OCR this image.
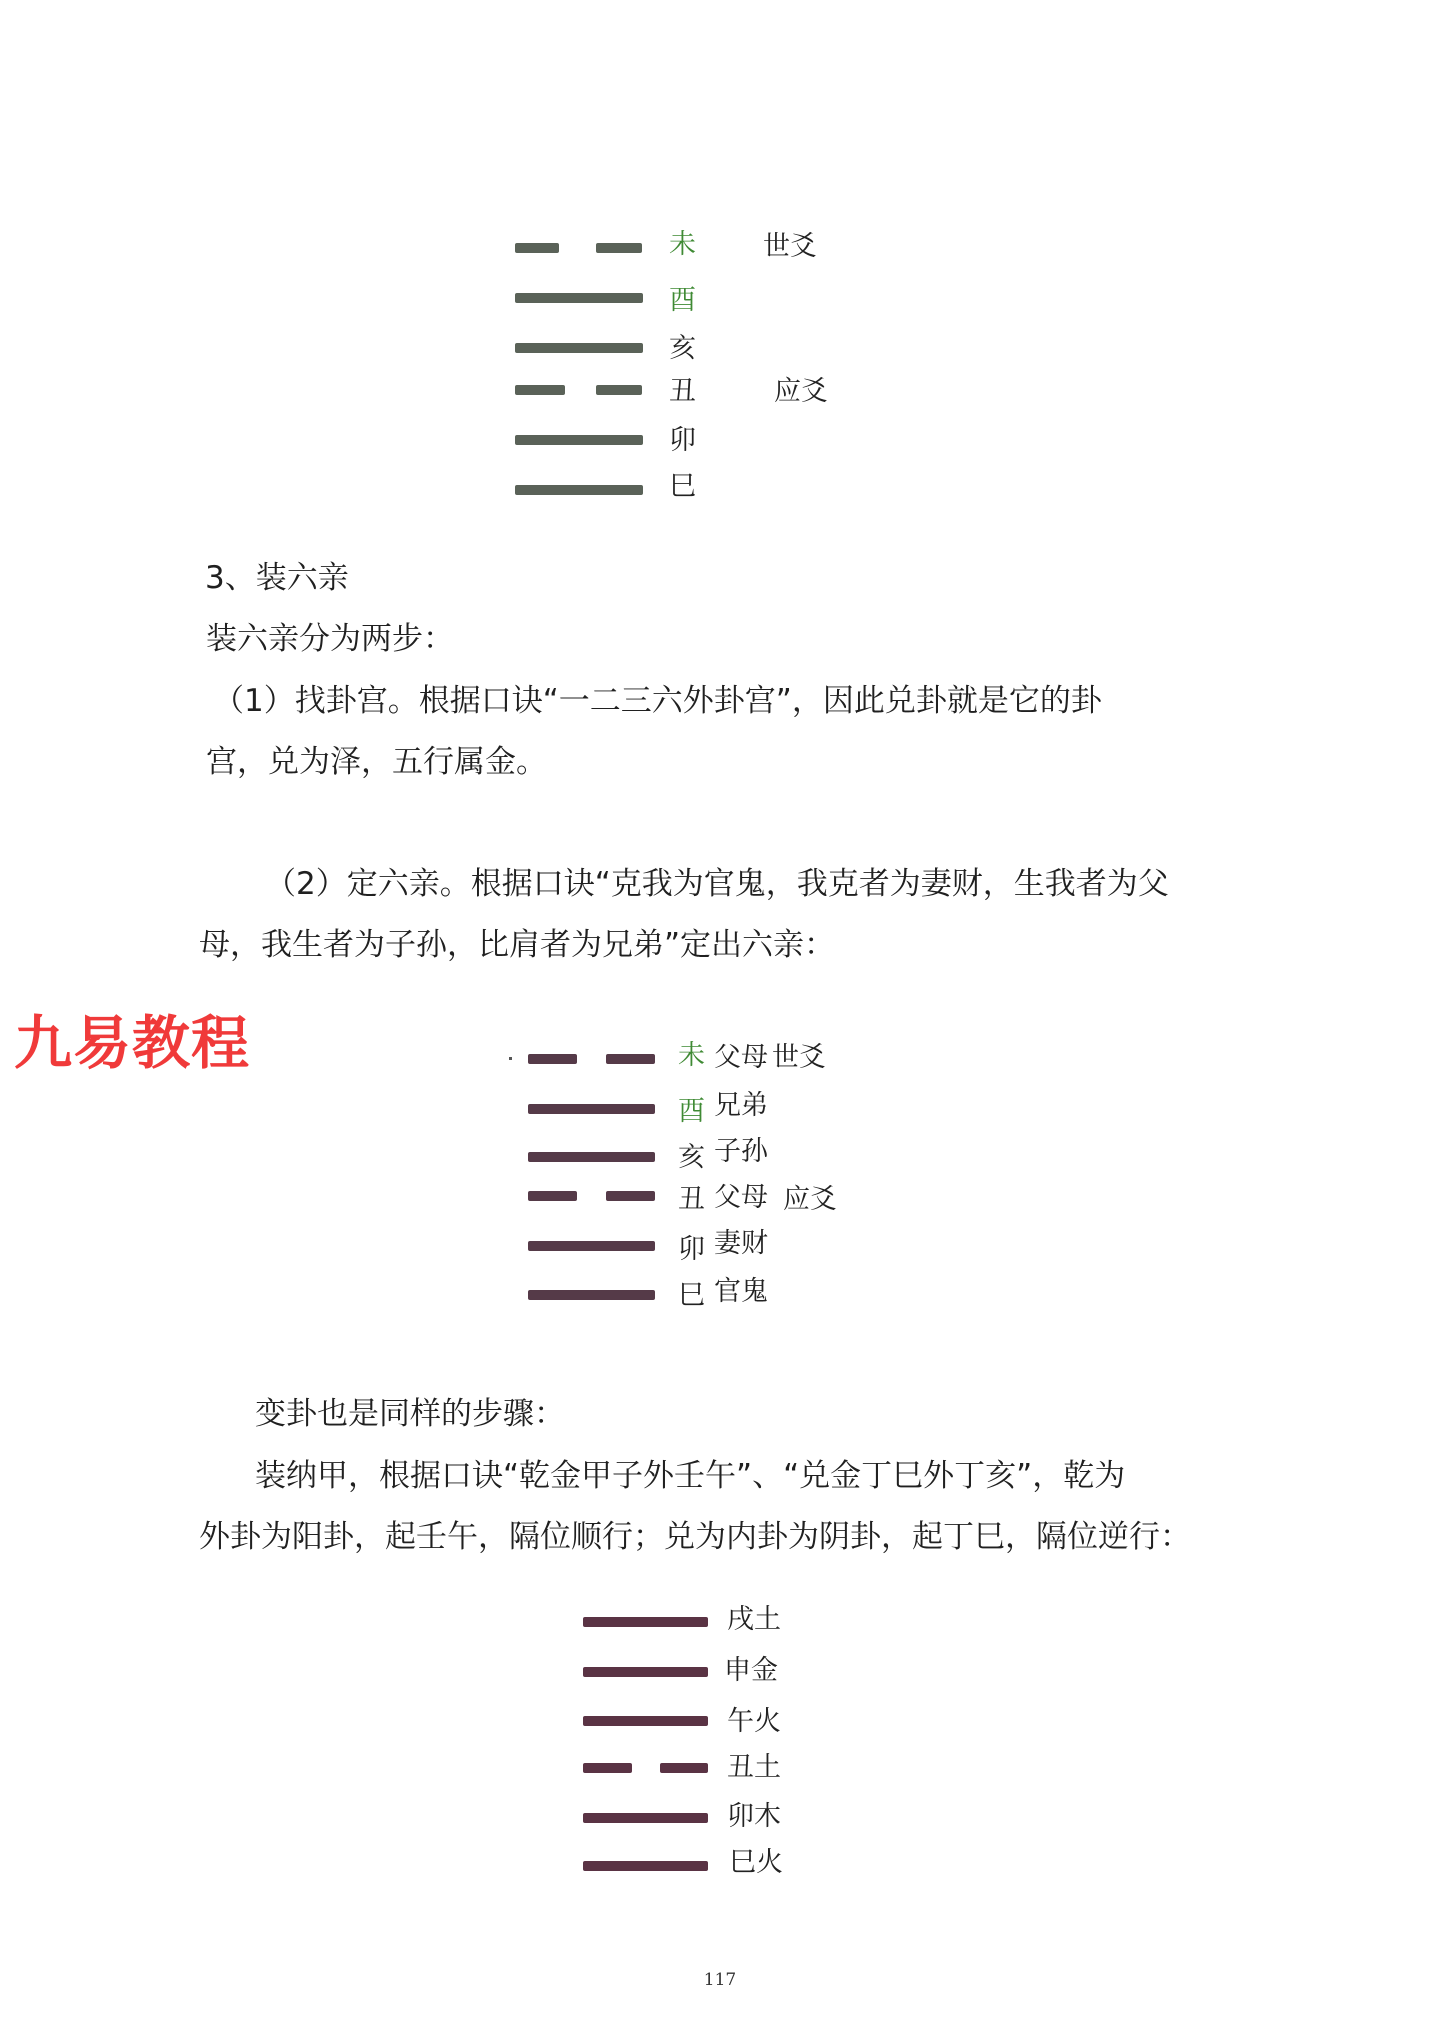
未 世爻
酉
亥
丑	应爻
卯
巳
3、装六亲
装六亲分为两步：
（1）找卦宫。根据口诀“一二三六外卦宫”，因此兑卦就是它的卦
宫，兑为泽，五行属金。
（2）定六亲。根据口诀“克我为官鬼，我克者为妻财，生我者为父
母，我生者为子孙，比肩者为兄弟”定出六亲：
九易教程	未 父母 世爻
酉 兄弟
亥 子孙
丑 父母 应爻
卯 妻财
巳 官鬼
变卦也是同样的步骤：
装纳甲，根据口诀“乾金甲子外壬午”、“兑金丁巳外丁亥”，乾为
外卦为阳卦，起壬午，隔位顺行；兑为内卦为阴卦，起丁巳，隔位逆行：
戌土
申金
午火
丑土
卯木
巳火
117
